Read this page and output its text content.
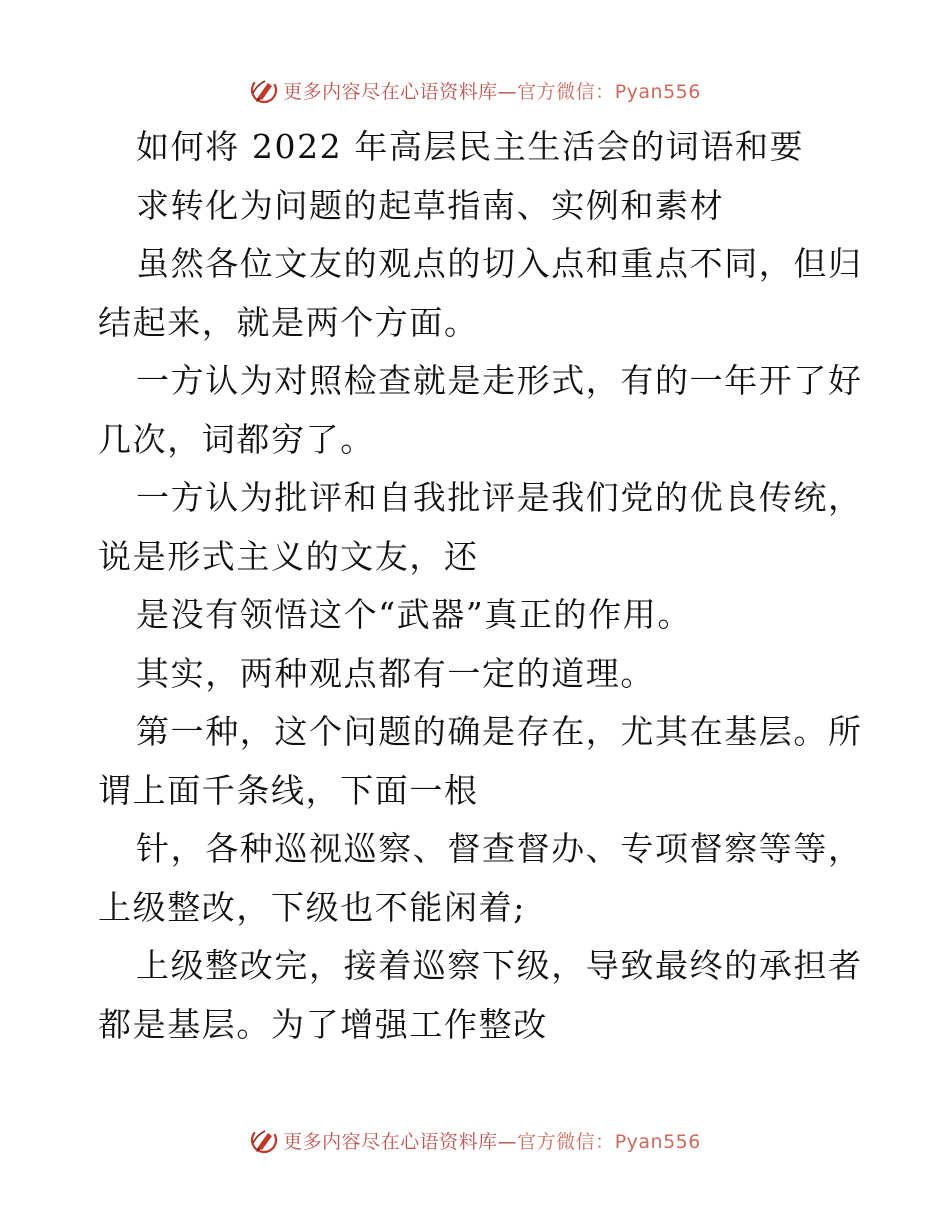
更多内容尽在心语资料库—官方微信：Pyan556
如何将 2022 年高层民主生活会的词语和要
求转化为问题的起草指南、实例和素材
虽然各位文友的观点的切入点和重点不同，但归
结起来，就是两个方面。
一方认为对照检查就是走形式，有的一年开了好
几次，词都穷了。
一方认为批评和自我批评是我们党的优良传统，
说是形式主义的文友，还
是没有领悟这个“武器”真正的作用。
其实，两种观点都有一定的道理。
第一种，这个问题的确是存在，尤其在基层。所
谓上面千条线，下面一根
针，各种巡视巡察、督查督办、专项督察等等，
上级整改，下级也不能闲着;
上级整改完，接着巡察下级，导致最终的承担者
都是基层。为了增强工作整改
更多内容尽在心语资料库—官方微信：Pyan556
